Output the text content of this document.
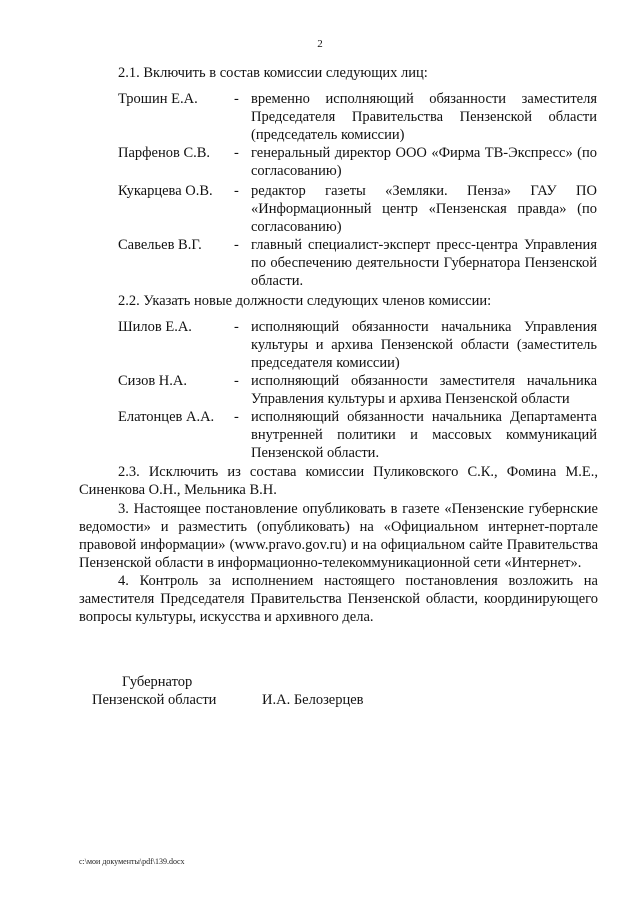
2
2.1. Включить в состав комиссии следующих лиц:
Трошин Е.А.	- временно исполняющий обязанности заместителя Председателя Правительства Пензенской области (председатель комиссии)
Парфенов С.В. - генеральный директор ООО «Фирма ТВ-Экспресс» (по согласованию)
Кукарцева О.В. - редактор газеты «Земляки. Пенза» ГАУ ПО «Информационный центр «Пензенская правда» (по согласованию)
Савельев В.Г. - главный специалист-эксперт пресс-центра Управления по обеспечению деятельности Губернатора Пензенской области.
2.2. Указать новые должности следующих членов комиссии:
Шилов Е.А.	- исполняющий обязанности начальника Управления культуры и архива Пензенской области (заместитель председателя комиссии)
Сизов Н.А.	- исполняющий обязанности заместителя начальника Управления культуры и архива Пензенской области
Елатонцев А.А. - исполняющий обязанности начальника Департамента внутренней политики и массовых коммуникаций Пензенской области.
2.3. Исключить из состава комиссии Пуликовского С.К., Фомина М.Е., Синенкова О.Н., Мельника В.Н.
3. Настоящее постановление опубликовать в газете «Пензенские губернские ведомости» и разместить (опубликовать) на «Официальном интернет-портале правовой информации» (www.pravo.gov.ru) и на официальном сайте Правительства Пензенской области в информационно-телекоммуникационной сети «Интернет».
4. Контроль за исполнением настоящего постановления возложить на заместителя Председателя Правительства Пензенской области, координирующего вопросы культуры, искусства и архивного дела.
Губернатор
Пензенской области	И.А. Белозерцев
c:\мои документы\pdf\139.docx
